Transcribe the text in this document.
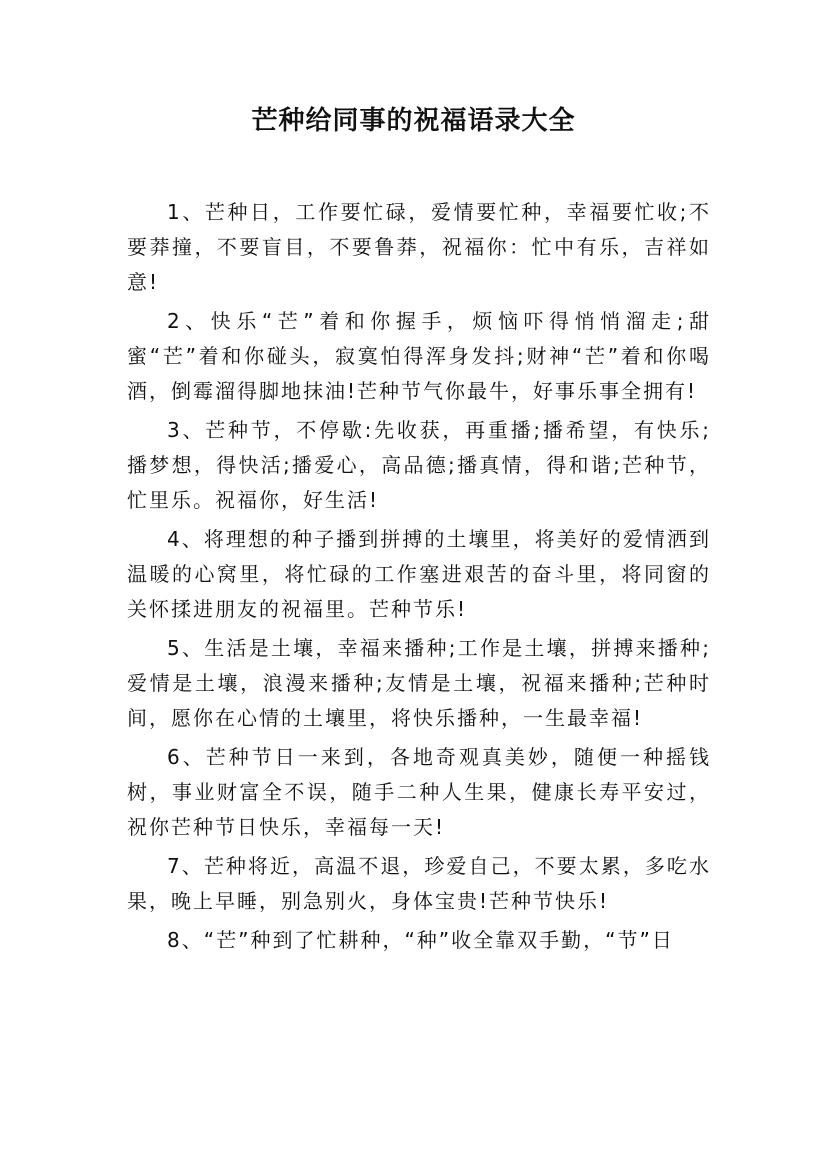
芒种给同事的祝福语录大全

1、芒种日，工作要忙碌，爱情要忙种，幸福要忙收;不要莽撞，不要盲目，不要鲁莽，祝福你：忙中有乐，吉祥如意!

2、快乐“芒”着和你握手，烦恼吓得悄悄溜走;甜蜜“芒”着和你碰头，寂寞怕得浑身发抖;财神“芒”着和你喝酒，倒霉溜得脚地抹油!芒种节气你最牛，好事乐事全拥有!

3、芒种节，不停歇:先收获，再重播;播希望，有快乐;播梦想，得快活;播爱心，高品德;播真情，得和谐;芒种节，忙里乐。祝福你，好生活!

4、将理想的种子播到拼搏的土壤里，将美好的爱情洒到温暖的心窝里，将忙碌的工作塞进艰苦的奋斗里，将同窗的关怀揉进朋友的祝福里。芒种节乐!

5、生活是土壤，幸福来播种;工作是土壤，拼搏来播种;爱情是土壤，浪漫来播种;友情是土壤，祝福来播种;芒种时间，愿你在心情的土壤里，将快乐播种，一生最幸福!

6、芒种节日一来到，各地奇观真美妙，随便一种摇钱树，事业财富全不误，随手二种人生果，健康长寿平安过，祝你芒种节日快乐，幸福每一天!

7、芒种将近，高温不退，珍爱自己，不要太累，多吃水果，晚上早睡，别急别火，身体宝贵!芒种节快乐!

8、“芒”种到了忙耕种，“种”收全靠双手勤，“节”日
